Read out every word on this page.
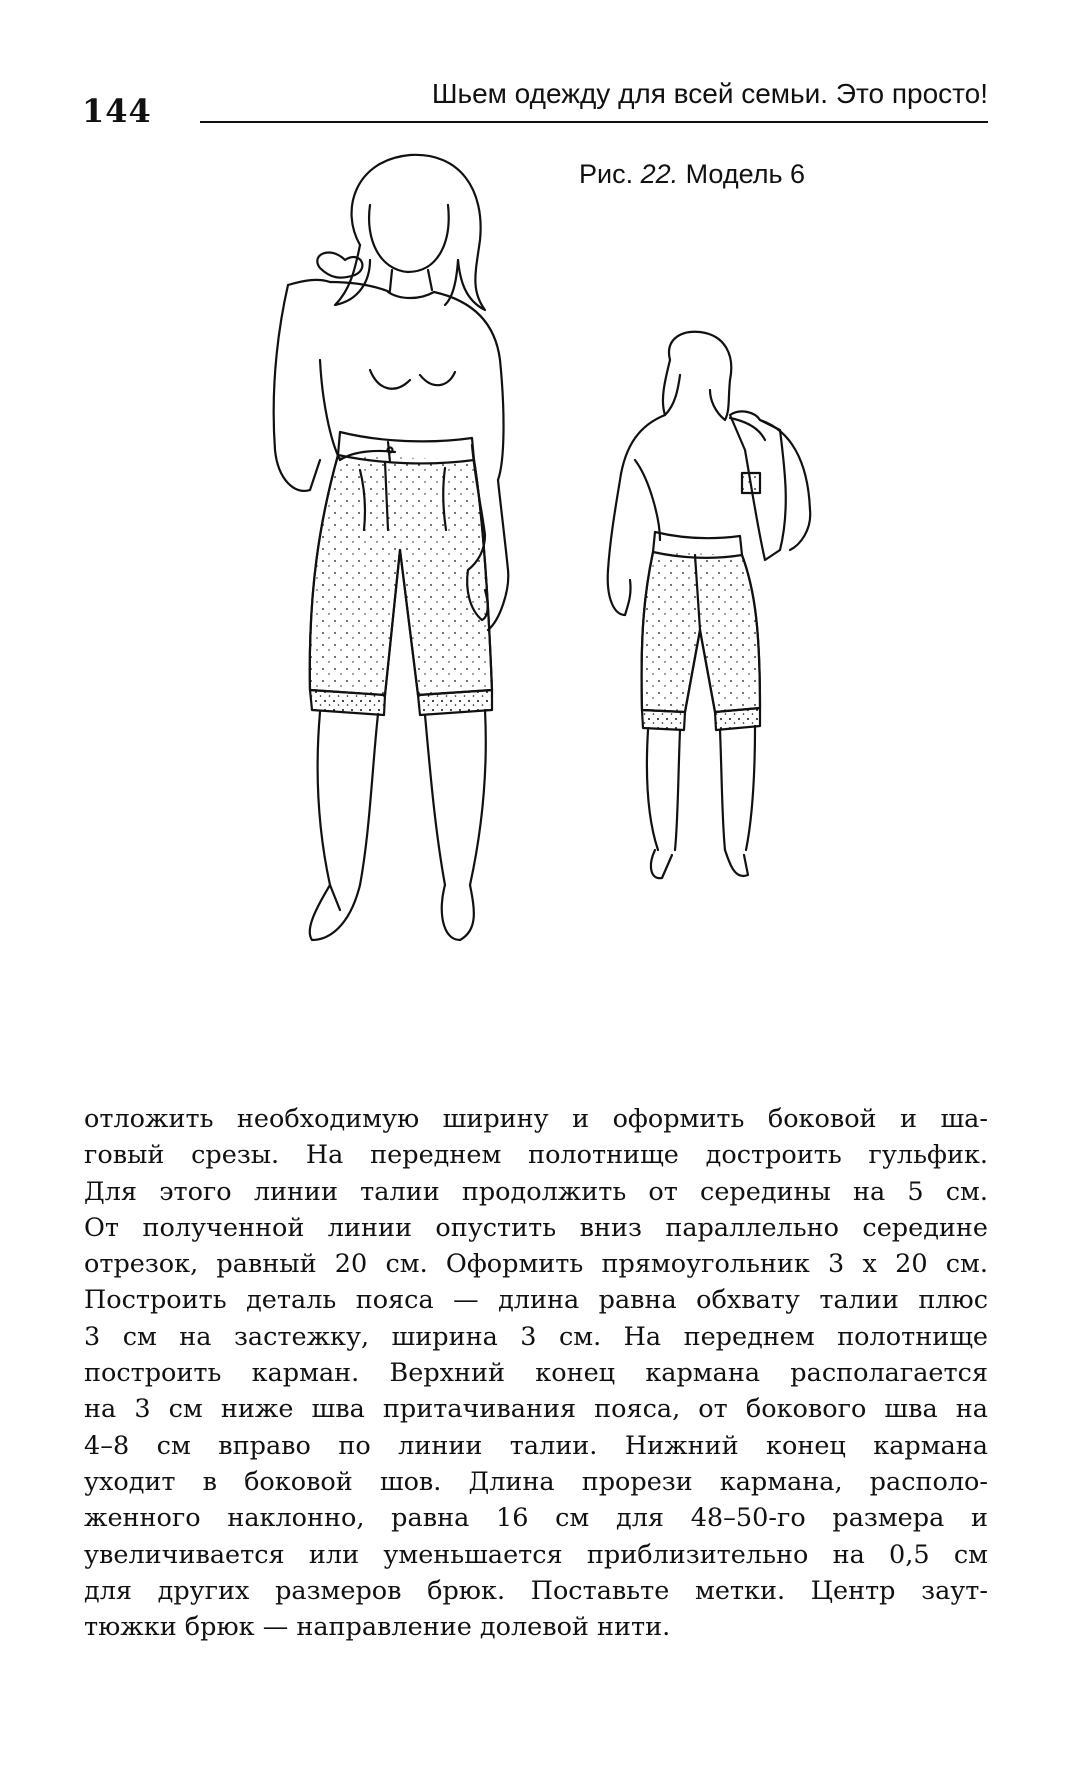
144	Шьем одежду для всей семьи. Это просто!
Рис. 22. Модель 6
отложить необходимую ширину и оформить боковой и ша-
говый срезы. На переднем полотнище достроить гульфик.
Для этого линии талии продолжить от середины на 5 см.
От полученной линии опустить вниз параллельно середине
отрезок, равный 20 см. Оформить прямоугольник 3 х 20 см.
Построить деталь пояса — длина равна обхвату талии плюс
3 см на застежку, ширина 3 см. На переднем полотнище
построить карман. Верхний конец кармана располагается
на 3 см ниже шва притачивания пояса, от бокового шва на
4–8 см вправо по линии талии. Нижний конец кармана
уходит в боковой шов. Длина прорези кармана, располо-
женного наклонно, равна 16 см для 48–50-го размера и
увеличивается или уменьшается приблизительно на 0,5 см
для других размеров брюк. Поставьте метки. Центр заут-
тюжки брюк — направление долевой нити.
